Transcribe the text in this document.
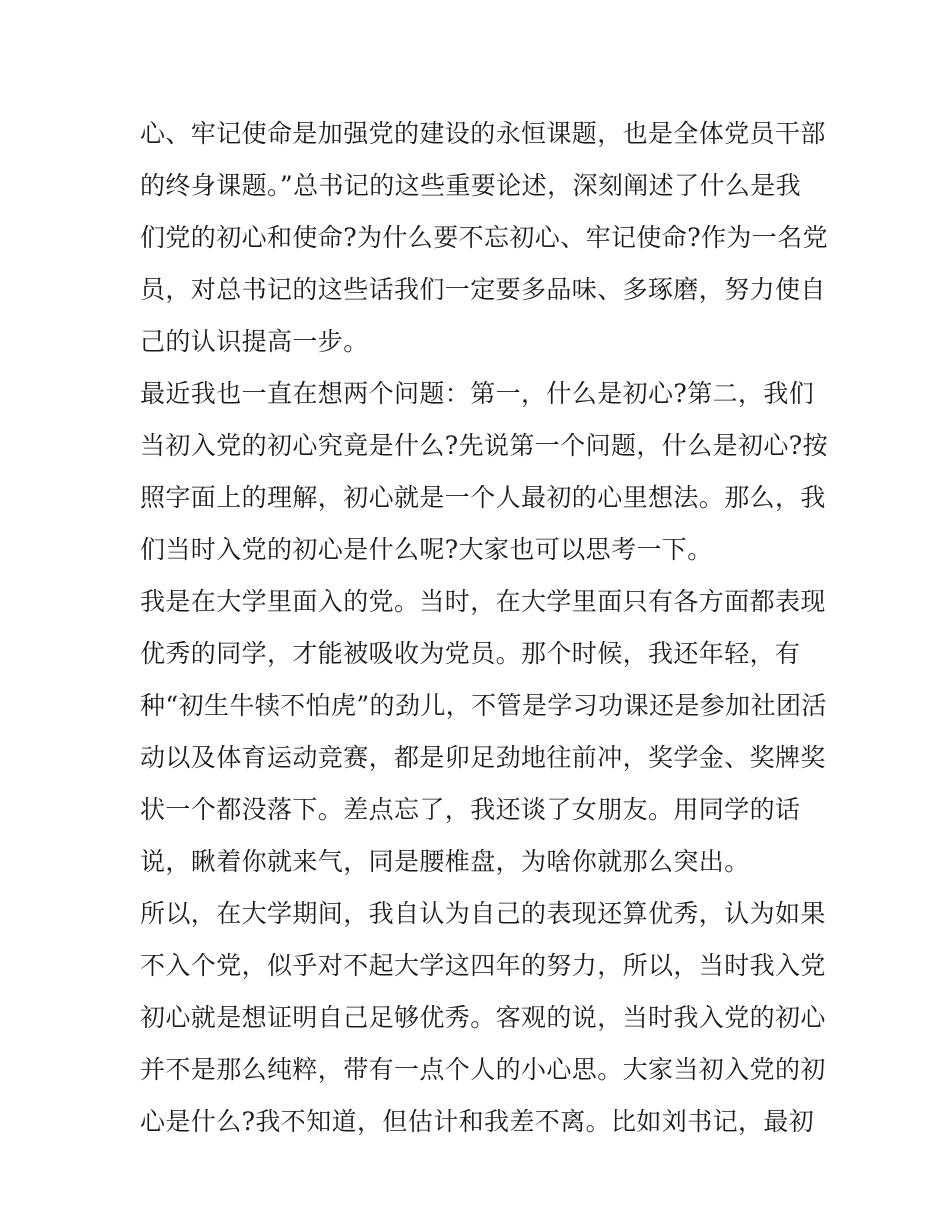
心、牢记使命是加强党的建设的永恒课题，也是全体党员干部
的终身课题。”总书记的这些重要论述，深刻阐述了什么是我
们党的初心和使命?为什么要不忘初心、牢记使命?作为一名党
员，对总书记的这些话我们一定要多品味、多琢磨，努力使自
己的认识提高一步。
最近我也一直在想两个问题：第一，什么是初心?第二，我们
当初入党的初心究竟是什么?先说第一个问题，什么是初心?按
照字面上的理解，初心就是一个人最初的心里想法。那么，我
们当时入党的初心是什么呢?大家也可以思考一下。
我是在大学里面入的党。当时，在大学里面只有各方面都表现
优秀的同学，才能被吸收为党员。那个时候，我还年轻，有
种“初生牛犊不怕虎”的劲儿，不管是学习功课还是参加社团活
动以及体育运动竞赛，都是卯足劲地往前冲，奖学金、奖牌奖
状一个都没落下。差点忘了，我还谈了女朋友。用同学的话
说，瞅着你就来气，同是腰椎盘，为啥你就那么突出。
所以，在大学期间，我自认为自己的表现还算优秀，认为如果
不入个党，似乎对不起大学这四年的努力，所以，当时我入党
初心就是想证明自己足够优秀。客观的说，当时我入党的初心
并不是那么纯粹，带有一点个人的小心思。大家当初入党的初
心是什么?我不知道，但估计和我差不离。比如刘书记，最初
